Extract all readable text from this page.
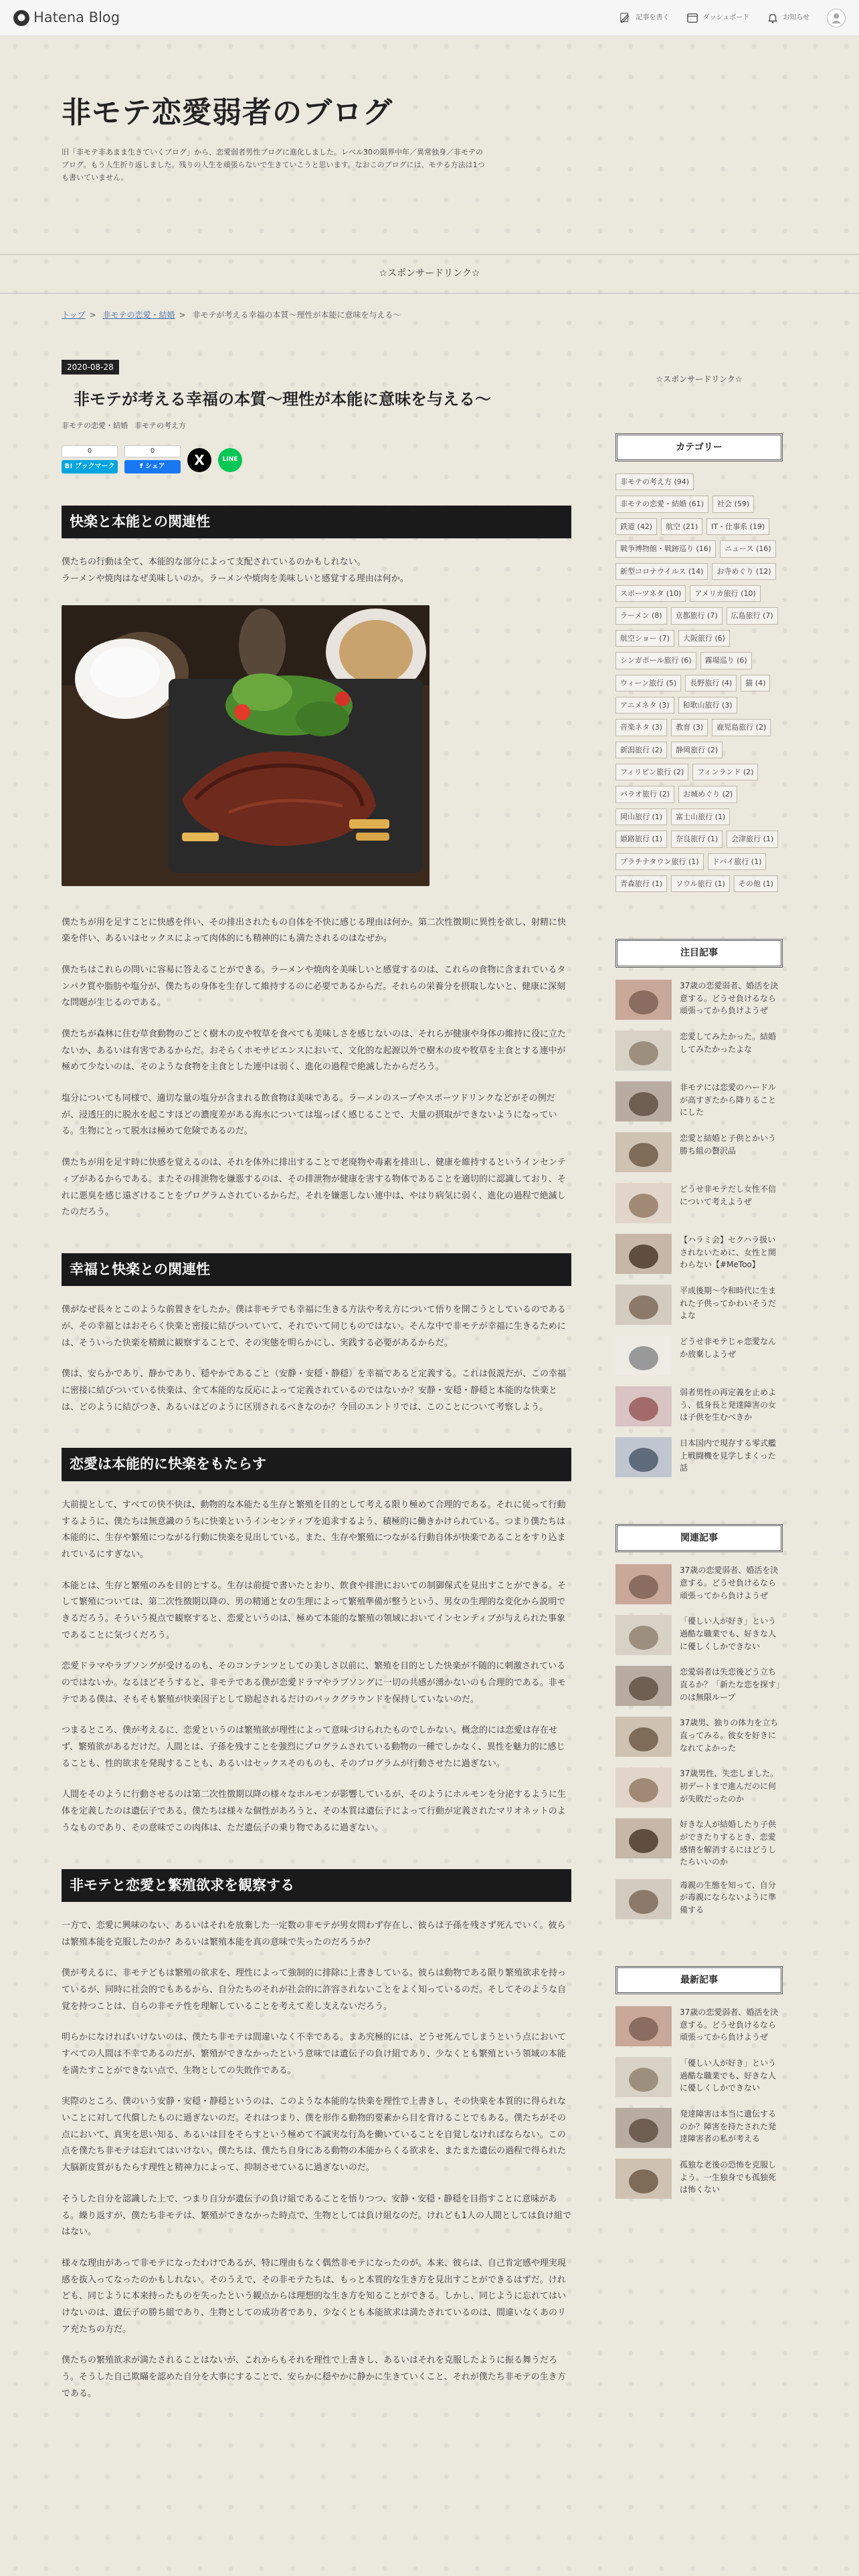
● Hatena Blog	記事を書く	ダッシュボード	お知らせ
非モテ恋愛弱者のブログ
旧「非モテ非あまま生きていくブログ」から、恋愛弱者男性ブログに進化しました。レベル30の限界中年／異常独身／非モテのブログ。もう人生折り返しました。残りの人生を頑張らないで生きていこうと思います。なおこのブログには、モテる方法は1つも書いていません。
☆スポンサードリンク☆
トップ > 非モテの恋愛・結婚 > 非モテが考える幸福の本質〜理性が本能に意味を与える〜
2020-08-28
非モテが考える幸福の本質〜理性が本能に意味を与える〜
非モテの恋愛・結婚 非モテの考え方
0
B! ブックマーク
0
f シェア	X	LINE
快楽と本能との関連性

僕たちの行動は全て、本能的な部分によって支配されているのかもしれない。
ラーメンや焼肉はなぜ美味しいのか。ラーメンや焼肉を美味しいと感覚する理由は何か。

僕たちが用を足すことに快感を伴い、その排出されたもの自体を不快に感じる理由は何か。第二次性徴期に異性を欲し、射精に快楽を伴い、あるいはセックスによって肉体的にも精神的にも満たされるのはなぜか。

僕たちはこれらの問いに容易に答えることができる。ラーメンや焼肉を美味しいと感覚するのは、これらの食物に含まれているタンパク質や脂肪や塩分が、僕たちの身体を生存して維持するのに必要であるからだ。それらの栄養分を摂取しないと、健康に深刻な問題が生じるのである。

僕たちが森林に住む草食動物のごとく樹木の皮や牧草を食べても美味しさを感じないのは、それらが健康や身体の維持に役に立たないか、あるいは有害であるからだ。おそらくホモサピエンスにおいて、文化的な起源以外で樹木の皮や牧草を主食とする連中が極めて少ないのは、そのような食物を主食とした連中は弱く、進化の過程で絶滅したからだろう。

塩分についても同様で、適切な量の塩分が含まれる飲食物は美味である。ラーメンのスープやスポーツドリンクなどがその例だが、浸透圧的に脱水を起こすほどの濃度差がある海水については塩っぱく感じることで、大量の摂取ができないようになっている。生物にとって脱水は極めて危険であるのだ。

僕たちが用を足す時に快感を覚えるのは、それを体外に排出することで老廃物や毒素を排出し、健康を維持するというインセンティブがあるからである。またその排泄物を嫌悪するのは、その排泄物が健康を害する物体であることを適切的に認識しており、それに悪臭を感じ遠ざけることをプログラムされているからだ。それを嫌悪しない連中は、やはり病気に弱く、進化の過程で絶滅したのだろう。

幸福と快楽との関連性

僕がなぜ長々とこのような前置きをしたか。僕は非モテでも幸福に生きる方法や考え方について悟りを開こうとしているのであるが、その幸福とはおそらく快楽と密接に結びついていて、それでいて同じものではない。そんな中で非モテが幸福に生きるためには、そういった快楽を精緻に観察することで、その実態を明らかにし、実践する必要があるからだ。

僕は、安らかであり、静かであり、穏やかであること（安静・安穏・静穏）を幸福であると定義する。これは仮説だが、この幸福に密接に結びついている快楽は、全て本能的な反応によって定義されているのではないか？安静・安穏・静穏と本能的な快楽とは、どのように結びつき、あるいはどのように区別されるべきなのか？今回のエントリでは、このことについて考察しよう。

恋愛は本能的に快楽をもたらす

大前提として、すべての快不快は、動物的な本能たる生存と繁殖を目的として考える限り極めて合理的である。それに従って行動するように、僕たちは無意識のうちに快楽というインセンティブを追求するよう、積極的に働きかけられている。つまり僕たちは本能的に、生存や繁殖につながる行動に快楽を見出している。また、生存や繁殖につながる行動自体が快楽であることをすり込まれているにすぎない。

本能とは、生存と繁殖のみを目的とする。生存は前提で書いたとおり、飲食や排泄においての制御保式を見出すことができる。そして繁殖については、第二次性徴期以降の、男の精通と女の生理によって繁殖準備が整うという、男女の生理的な変化から説明できるだろう。そういう視点で観察すると、恋愛というのは、極めて本能的な繁殖の領域においてインセンティブが与えられた事象であることに気づくだろう。

恋愛ドラマやラブソングが受けるのも、そのコンテンツとしての美しさ以前に、繁殖を目的とした快楽が不随的に刺激されているのではないか。なるほどそうすると、非モテである僕が恋愛ドラマやラブソングに一切の共感が湧かないのも合理的である。非モテである僕は、そもそも繁殖が快楽因子として励起されるだけのバックグラウンドを保持していないのだ。

つまるところ、僕が考えるに、恋愛というのは繁殖欲が理性によって意味づけられたものでしかない。概念的には恋愛は存在せず、繁殖欲があるだけだ。人間とは、子孫を残すことを強烈にプログラムされている動物の一種でしかなく、異性を魅力的に感じることも、性的欲求を発現することも、あるいはセックスそのものも、そのプログラムが行動させたに過ぎない。

人間をそのように行動させるのは第二次性徴期以降の様々なホルモンが影響しているが、そのようにホルモンを分泌するように生体を定義したのは遺伝子である。僕たちは様々な個性があろうと、その本質は遺伝子によって行動が定義されたマリオネットのようなものであり、その意味でこの肉体は、ただ遺伝子の乗り物であるに過ぎない。

非モテと恋愛と繁殖欲求を観察する

一方で、恋愛に興味のない、あるいはそれを放棄した一定数の非モテが男女問わず存在し、彼らは子孫を残さず死んでいく。彼らは繁殖本能を克服したのか？あるいは繁殖本能を真の意味で失ったのだろうか？

僕が考えるに、非モテどもは繁殖の欲求を、理性によって強制的に排除に上書きしている。彼らは動物である限り繁殖欲求を持っているが、同時に社会的でもあるから、自分たちのそれが社会的に許容されないことをよく知っているのだ。そしてそのような自覚を持つことは、自らの非モテ性を理解していることを考えて差し支えないだろう。

明らかになければいけないのは、僕たち非モテは間違いなく不幸である。まあ究極的には、どうせ死んでしまうという点においてすべての人間は不幸であるのだが、繁殖ができなかったという意味では遺伝子の負け組であり、少なくとも繁殖という領域の本能を満たすことができない点で、生物としての失敗作である。

実際のところ、僕のいう安静・安穏・静穏というのは、このような本能的な快楽を理性で上書きし、その快楽を本質的に得られないことに対して代償したものに過ぎないのだ。それはつまり、僕を形作る動物的要素から目を背けることでもある。僕たちがその点において、真実を思い知る、あるいは目をそらすという極めて不誠実な行為を働いていることを自覚しなければならない。この点を僕たち非モテは忘れてはいけない。僕たちは、僕たち自身にある動物の本能からくる欲求を、またまた遺伝の過程で得られた大脳新皮質がもたらす理性と精神力によって、抑制させているに過ぎないのだ。

そうした自分を認識した上で、つまり自分が遺伝子の負け組であることを悟りつつ、安静・安穏・静穏を目指すことに意味がある。繰り返すが、僕たち非モテは、繁殖ができなかった時点で、生物としては負け組なのだ。けれども1人の人間としては負け組ではない。

様々な理由があって非モテになったわけであるが、特に理由もなく偶然非モテになったのが。本来、彼らは、自己肯定感や理実現感を抜入ってなったのかもしれない。そのうえで、その非モテたちは、もっと本質的な生き方を見出すことができるはずだ。けれども、同じように本来持ったものを失ったという観点からは理想的な生き方を知ることができる。しかし、同じように忘れてはいけないのは、遺伝子の勝ち組であり、生物としての成功者であり、少なくとも本能欲求は満たされているのは、間違いなくあのリア充たちの方だ。

僕たちの繁殖欲求が満たされることはないが、これからもそれを理性で上書きし、あるいはそれを克服したように振る舞うだろう。そうした自己欺瞞を認めた自分を大事にすることで、安らかに穏やかに静かに生きていくこと、それが僕たち非モテの生き方である。

☆スポンサードリンク☆
カテゴリー
非モテの考え方 (94)
非モテの恋愛・結婚 (61)	社会 (59)
鉄道 (42)	航空 (21)	IT・仕事系 (19)
戦争博物館・戦跡巡り (16)	ニュース (16)
新型コロナウイルス (14)	お寺めぐり (12)
スポーツネタ (10)	アメリカ旅行 (10)
ラーメン (8)	京都旅行 (7)	広島旅行 (7)
航空ショー (7)	大阪旅行 (6)
シンガポール旅行 (6)	霧場巡り (6)
ウィーン旅行 (5)	長野旅行 (4)	猫 (4)
アニメネタ (3)	和歌山旅行 (3)
音楽ネタ (3)	教育 (3)	鹿児島旅行 (2)
新潟旅行 (2)	静岡旅行 (2)
フィリピン旅行 (2)	フィンランド (2)
パラオ旅行 (2)	お城めぐり (2)
岡山旅行 (1)	富士山旅行 (1)
姫路旅行 (1)	奈良旅行 (1)	会津旅行 (1)
プラチナタウン旅行 (1)	ドバイ旅行 (1)
青森旅行 (1)	ソウル旅行 (1)	その他 (1)
注目記事
37歳の恋愛弱者、婚活を決意する。どうせ負けるなら頑張ってから負けようぜ
恋愛してみたかった。結婚してみたかったよな
非モテには恋愛のハードルが高すぎたから降りることにした
恋愛と結婚と子供とかいう勝ち組の贅沢品
どうせ非モテだし女性不信について考えようぜ
【ハラミ会】セクハラ扱いされないために、女性と関わらない【#MeToo】
平成後期〜令和時代に生まれた子供ってかわいそうだよな
どうせ非モテじゃ恋愛なんか放棄しようぜ
弱者男性の再定義を止めよう、低身長と発達障害の女は子供を生むべきか
日本国内で現存する零式艦上戦闘機を見学しまくった話
関連記事
37歳の恋愛弱者、婚活を決意する。どうせ負けるなら頑張ってから負けようぜ
「優しい人が好き」という過酷な職業でも、好きな人に優しくしかできない
恋愛弱者は失恋後どう立ち直るか？「新たな恋を探す」のは無限ループ
37歳男、独りの体力を立ち直ってみる。彼女を好きになれてよかった
37歳男性、失恋しました。初デートまで進んだのに何が失敗だったのか
好きな人が結婚したり子供ができたりするとき、恋愛感情を解消するにはどうしたらいいのか
毒親の生態を知って、自分が毒親にならないように準備する
最新記事
37歳の恋愛弱者、婚活を決意する。どうせ負けるなら頑張ってから負けようぜ
「優しい人が好き」という過酷な職業でも、好きな人に優しくしかできない
発達障害は本当に遺伝するのか？障害を持たされた発達障害者の私が考える
孤独な老後の恐怖を克服しよう。一生独身でも孤独死は怖くない
